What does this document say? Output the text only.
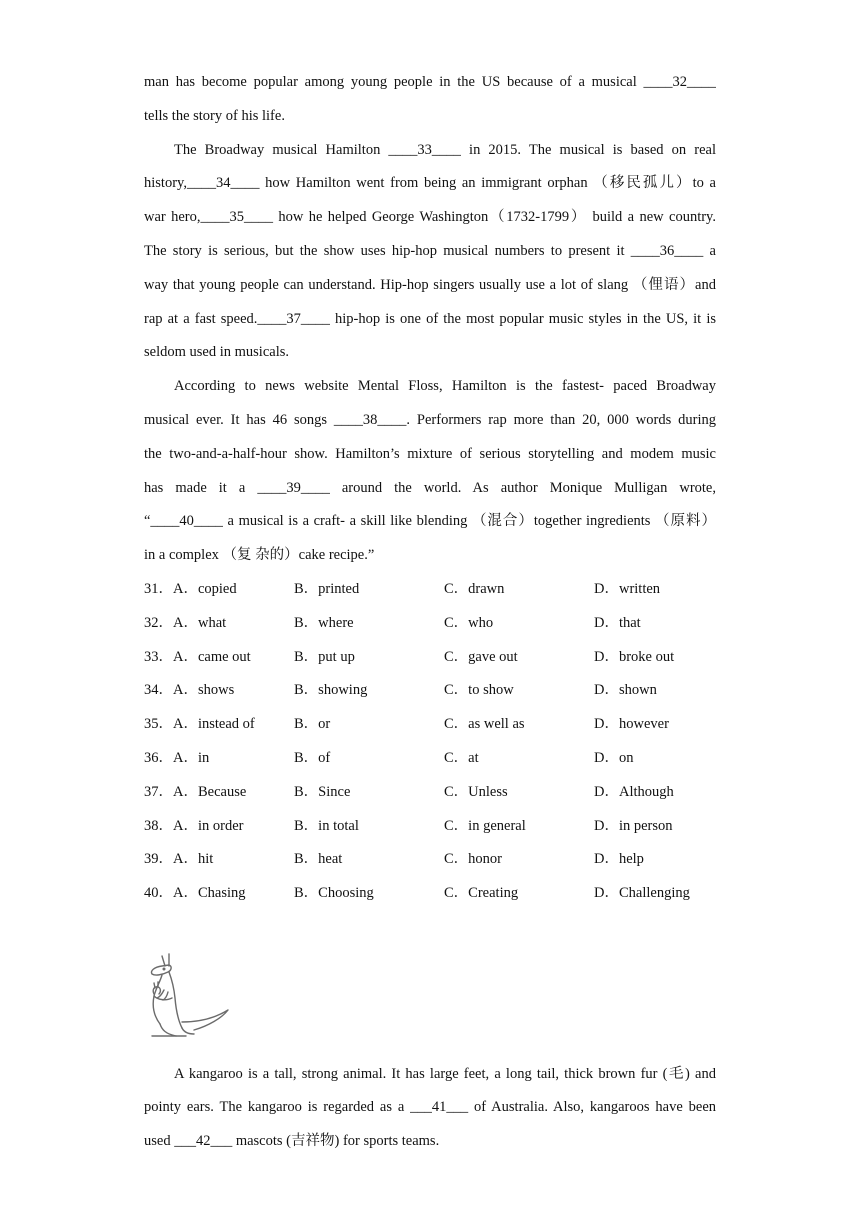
man has become popular among young people in the US because of a musical ____32____
tells the story of his life.
The Broadway musical Hamilton ____33____ in 2015. The musical is based on real
history,____34____ how Hamilton went from being an immigrant orphan （移民孤儿）to a
war hero,____35____ how he helped George Washington（1732-1799） build a new country.
The story is serious, but the show uses hip-hop musical numbers to present it ____36____ a
way that young people can understand. Hip-hop singers usually use a lot of slang （俚语）and
rap at a fast speed.____37____ hip-hop is one of the most popular music styles in the US, it is
seldom used in musicals.
According to news website Mental Floss, Hamilton is the fastest- paced Broadway
musical ever. It has 46 songs ____38____. Performers rap more than 20, 000 words during
the two-and-a-half-hour show. Hamilton’s mixture of serious storytelling and modem music
has made it a ____39____ around the world. As author Monique Mulligan wrote,
“____40____ a musical is a craft- a skill like blending （混合）together ingredients （原料）
in a complex （复 杂的）cake recipe.”
31．A．copied	B．printed	C．drawn	D．written
32．A．what	B．where	C．who	D．that
33．A．came out	B．put up	C．gave out	D．broke out
34．A．shows	B．showing	C．to show	D．shown
35．A．instead of	B．or	C．as well as	D．however
36．A．in	B．of	C．at	D．on
37．A．Because	B．Since	C．Unless	D．Although
38．A．in order	B．in total	C．in general	D．in person
39．A．hit	B．heat	C．honor	D．help
40．A．Chasing	B．Choosing	C．Creating	D．Challenging
A kangaroo is a tall, strong animal. It has large feet, a long tail, thick brown fur (毛) and
pointy ears. The kangaroo is regarded as a ___41___ of Australia. Also, kangaroos have been
used ___42___ mascots (吉祥物) for sports teams.
